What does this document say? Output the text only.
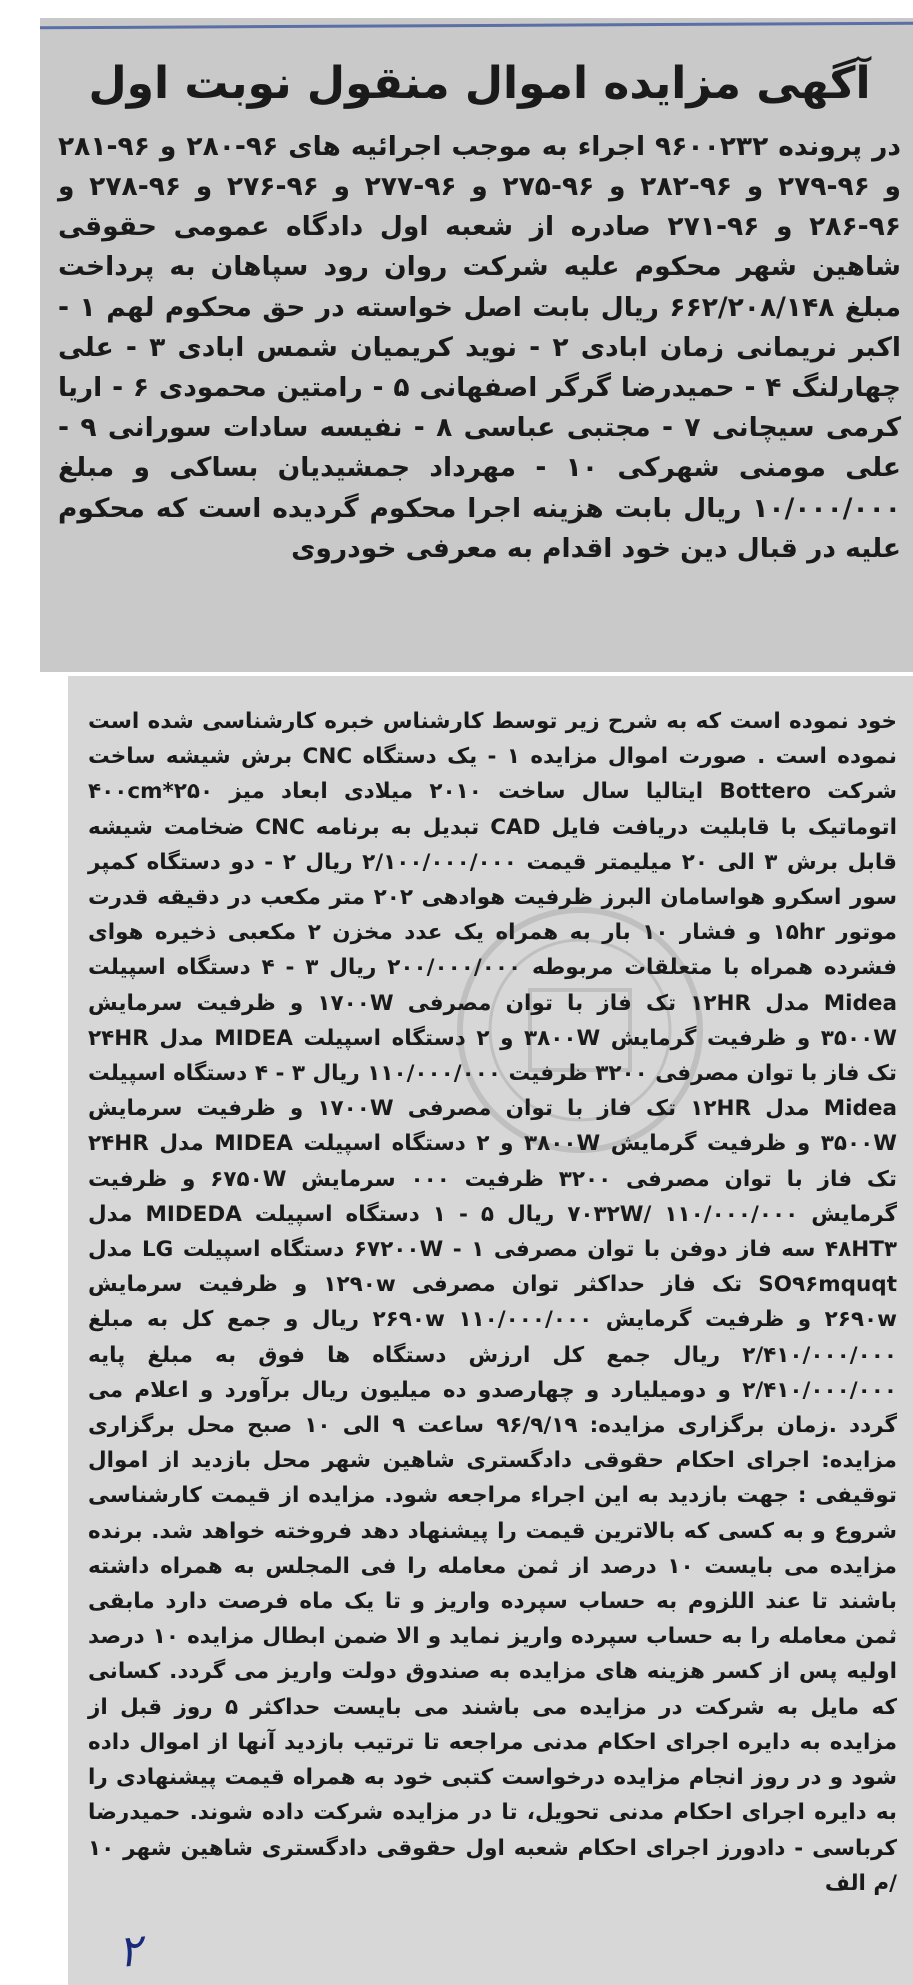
آگهی مزایده اموال منقول نوبت اول

در پرونده ۹۶۰۰۲۳۲ اجراء به موجب اجرائیه های ۹۶-۲۸۰ و ۹۶-۲۸۱ و ۹۶-۲۷۹ و ۹۶-۲۸۲ و ۹۶-۲۷۵ و ۹۶-۲۷۷ و ۹۶-۲۷۶ و ۹۶-۲۷۸ و ۹۶-۲۸۶ و ۹۶-۲۷۱ صادره از شعبه اول دادگاه عمومی حقوقی شاهین شهر محکوم علیه شرکت روان رود سپاهان به پرداخت مبلغ ۶۶۲/۲۰۸/۱۴۸ ریال بابت اصل خواسته در حق محکوم لهم ۱ - اکبر نریمانی زمان ابادی ۲ - نوید کریمیان شمس ابادی ۳ - علی چهارلنگ ۴ - حمیدرضا گرگر اصفهانی ۵ - رامتین محمودی ۶ - اریا کرمی سیچانی ۷ - مجتبی عباسی ۸ - نفیسه سادات سورانی ۹ - علی مومنی شهرکی ۱۰ - مهرداد جمشیدیان بساکی و مبلغ ۱۰/۰۰۰/۰۰۰ ریال بابت هزینه اجرا محکوم گردیده است که محکوم علیه در قبال دین خود اقدام به معرفی خودروی

خود نموده است که به شرح زیر توسط کارشناس خبره کارشناسی شده است نموده است . صورت اموال مزایده ۱ - یک دستگاه CNC برش شیشه ساخت شرکت Bottero ایتالیا سال ساخت ۲۰۱۰ میلادی ابعاد میز ۴۰۰cm*۲۵۰ اتوماتیک با قابلیت دریافت فایل CAD تبدیل به برنامه CNC ضخامت شیشه قابل برش ۳ الی ۲۰ میلیمتر قیمت ۲/۱۰۰/۰۰۰/۰۰۰ ریال ۲ - دو دستگاه کمپر سور اسکرو هواسامان البرز ظرفیت هوادهی ۲۰۲ متر مکعب در دقیقه قدرت موتور ۱۵hr و فشار ۱۰ بار به همراه یک عدد مخزن ۲ مکعبی ذخیره هوای فشرده همراه با متعلقات مربوطه ۲۰۰/۰۰۰/۰۰۰ ریال ۳ - ۴ دستگاه اسپیلت Midea مدل ۱۲HR تک فاز با توان مصرفی ۱۷۰۰W و ظرفیت سرمایش ۳۵۰۰W و ظرفیت گرمایش ۳۸۰۰W و ۲ دستگاه اسپیلت MIDEA مدل ۲۴HR تک فاز با توان مصرفی ۳۲۰۰ ظرفیت ۱۱۰/۰۰۰/۰۰۰ ریال ۳ - ۴ دستگاه اسپیلت Midea مدل ۱۲HR تک فاز با توان مصرفی ۱۷۰۰W و ظرفیت سرمایش ۳۵۰۰W و ظرفیت گرمایش ۳۸۰۰W و ۲ دستگاه اسپیلت MIDEA مدل ۲۴HR تک فاز با توان مصرفی ۳۲۰۰ ظرفیت ۰۰۰ سرمایش ۶۷۵۰W و ظرفیت گرمایش ۷۰۳۲W/ ۱۱۰/۰۰۰/۰۰۰ ریال ۵ - ۱ دستگاه اسپیلت MIDEDA مدل ۴۸HT۳ سه فاز دوفن با توان مصرفی ۶۷۲۰۰W - ۱ دستگاه اسپیلت LG مدل SO۹۶mquqt تک فاز حداکثر توان مصرفی ۱۲۹۰w و ظرفیت سرمایش ۲۶۹۰w و ظرفیت گرمایش ۱۱۰/۰۰۰/۰۰۰ ۲۶۹۰w ریال و جمع کل به مبلغ ۲/۴۱۰/۰۰۰/۰۰۰ ریال جمع کل ارزش دستگاه ها فوق به مبلغ پایه ۲/۴۱۰/۰۰۰/۰۰۰ و دومیلیارد و چهارصدو ده میلیون ریال برآورد و اعلام می گردد .زمان برگزاری مزایده: ۹۶/۹/۱۹ ساعت ۹ الی ۱۰ صبح محل برگزاری مزایده: اجرای احکام حقوقی دادگستری شاهین شهر محل بازدید از اموال توقیفی : جهت بازدید به این اجراء مراجعه شود. مزایده از قیمت کارشناسی شروع و به کسی که بالاترین قیمت را پیشنهاد دهد فروخته خواهد شد. برنده مزایده می بایست ۱۰ درصد از ثمن معامله را فی المجلس به همراه داشته باشند تا عند اللزوم به حساب سپرده واریز و تا یک ماه فرصت دارد مابقی ثمن معامله را به حساب سپرده واریز نماید و الا ضمن ابطال مزایده ۱۰ درصد اولیه پس از کسر هزینه های مزایده به صندوق دولت واریز می گردد. کسانی که مایل به شرکت در مزایده می باشند می بایست حداکثر ۵ روز قبل از مزایده به دایره اجرای احکام مدنی مراجعه تا ترتیب بازدید آنها از اموال داده شود و در روز انجام مزایده درخواست کتبی خود به همراه قیمت پیشنهادی را به دایره اجرای احکام مدنی تحویل، تا در مزایده شرکت داده شوند. حمیدرضا کرباسی - دادورز اجرای احکام شعبه اول حقوقی دادگستری شاهین شهر ۱۰ /م الف

۲
